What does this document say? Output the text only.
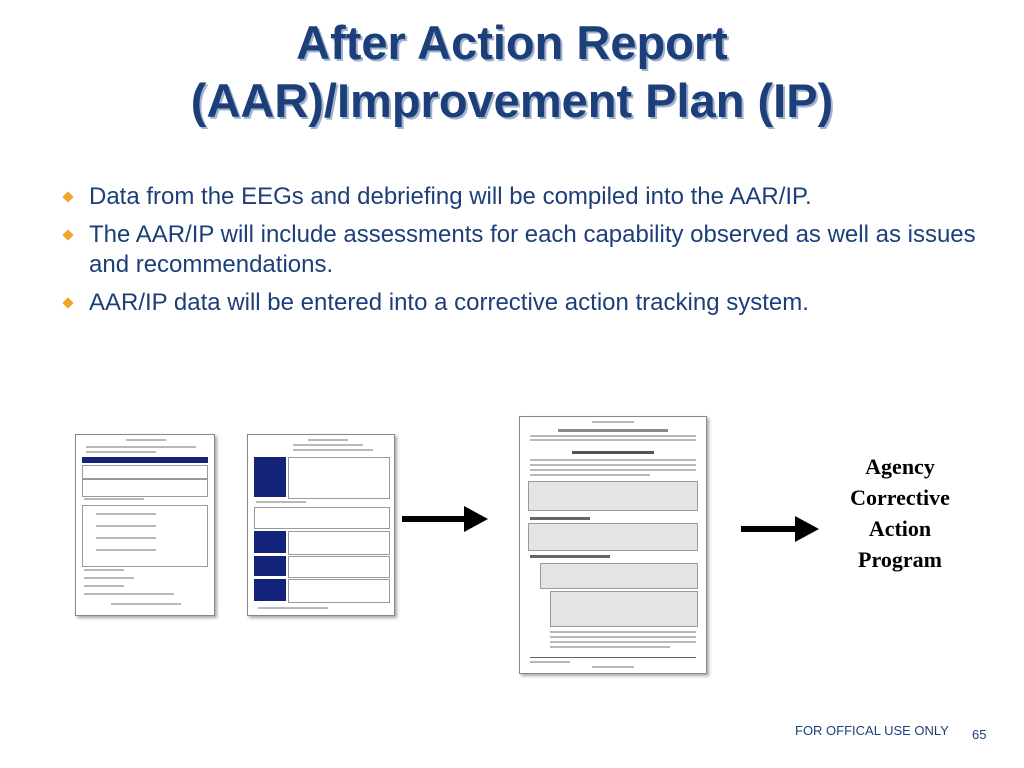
After Action Report
(AAR)/Improvement Plan (IP)
Data from the EEGs and debriefing will be compiled into the AAR/IP.
The AAR/IP will include assessments for each capability observed as well as issues and recommendations.
AAR/IP data will be entered into a corrective action tracking system.
Agency Corrective Action Program
FOR OFFICAL USE ONLY 65
